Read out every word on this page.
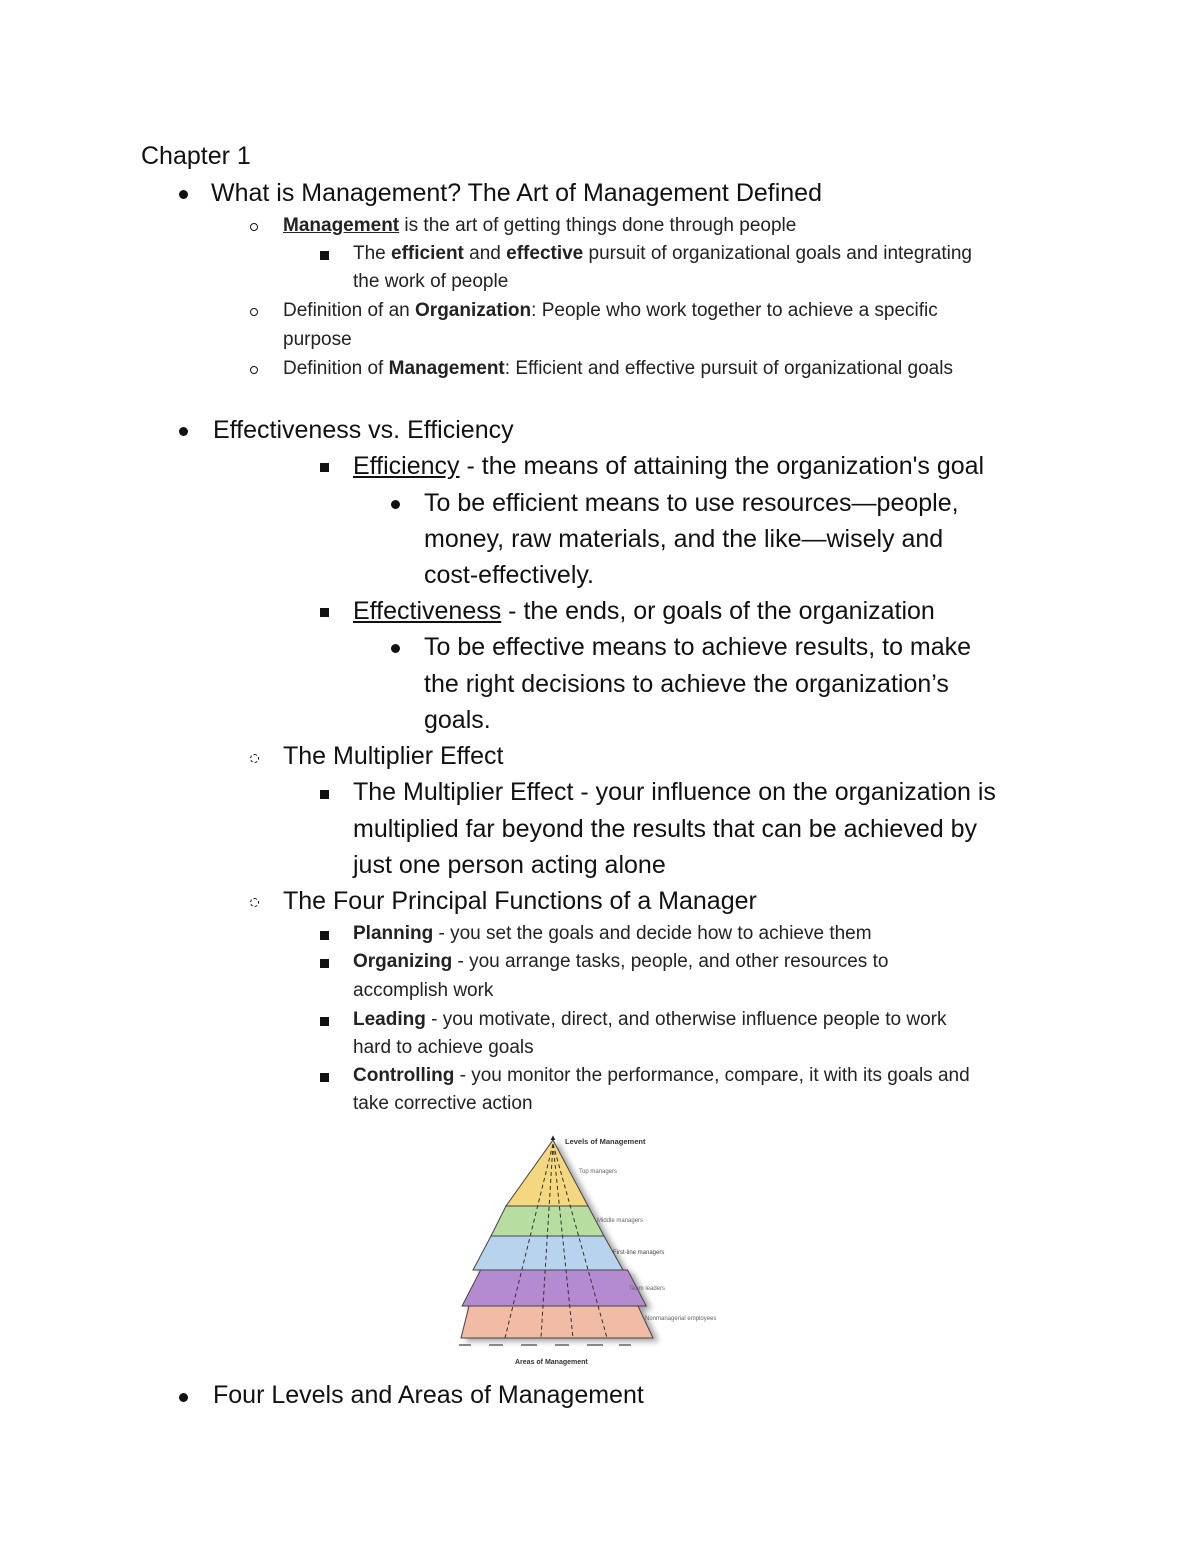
Chapter 1
What is Management? The Art of Management Defined
Management is the art of getting things done through people
The efficient and effective pursuit of organizational goals and integrating
the work of people
Definition of an Organization: People who work together to achieve a specific
purpose
Definition of Management: Efficient and effective pursuit of organizational goals
Effectiveness vs. Efficiency
Efficiency - the means of attaining the organization's goal
To be efficient means to use resources—people,
money, raw materials, and the like—wisely and
cost-effectively.
Effectiveness - the ends, or goals of the organization
To be effective means to achieve results, to make
the right decisions to achieve the organization’s
goals.
The Multiplier Effect
The Multiplier Effect - your influence on the organization is
multiplied far beyond the results that can be achieved by
just one person acting alone
The Four Principal Functions of a Manager
Planning - you set the goals and decide how to achieve them
Organizing - you arrange tasks, people, and other resources to
accomplish work
Leading - you motivate, direct, and otherwise influence people to work
hard to achieve goals
Controlling - you monitor the performance, compare, it with its goals and
take corrective action
▲ Levels of Management
Top managers
Middle managers
First-line managers
Team leaders
Nonmanagerial employees
Areas of Management
Four Levels and Areas of Management
